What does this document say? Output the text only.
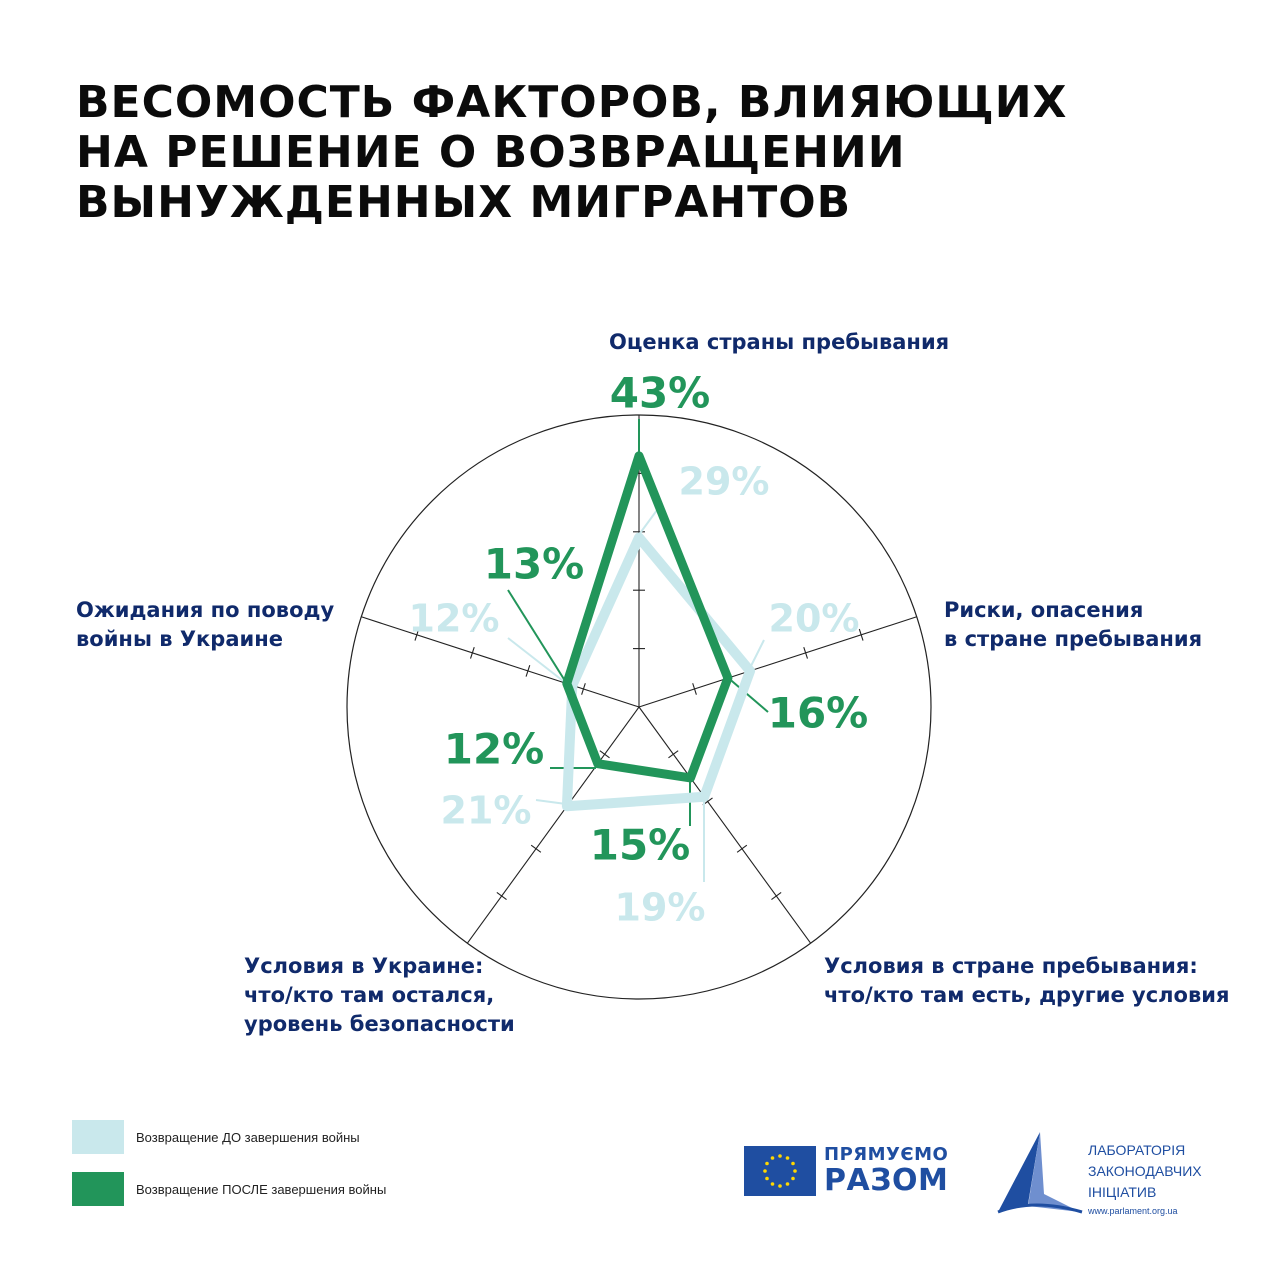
ВЕСОМОСТЬ ФАКТОРОВ, ВЛИЯЮЩИХ
НА РЕШЕНИЕ О ВОЗВРАЩЕНИИ
ВЫНУЖДЕННЫХ МИГРАНТОВ
29%
20%
19%
21%
12%
43%
16%
15%
12%
13%
Оценка страны пребывания
Риски, опасения
в стране пребывания
Условия в стране пребывания:
что/кто там есть, другие условия
Условия в Украине:
что/кто там остался,
уровень безопасности
Ожидания по поводу
войны в Украине
Возвращение ДО завершения войны
Возвращение ПОСЛЕ завершения войны
ПРЯМУЄМО
РАЗОМ
ЛАБОРАТОРІЯ
ЗАКОНОДАВЧИХ
ІНІЦІАТИВ
www.parlament.org.ua
